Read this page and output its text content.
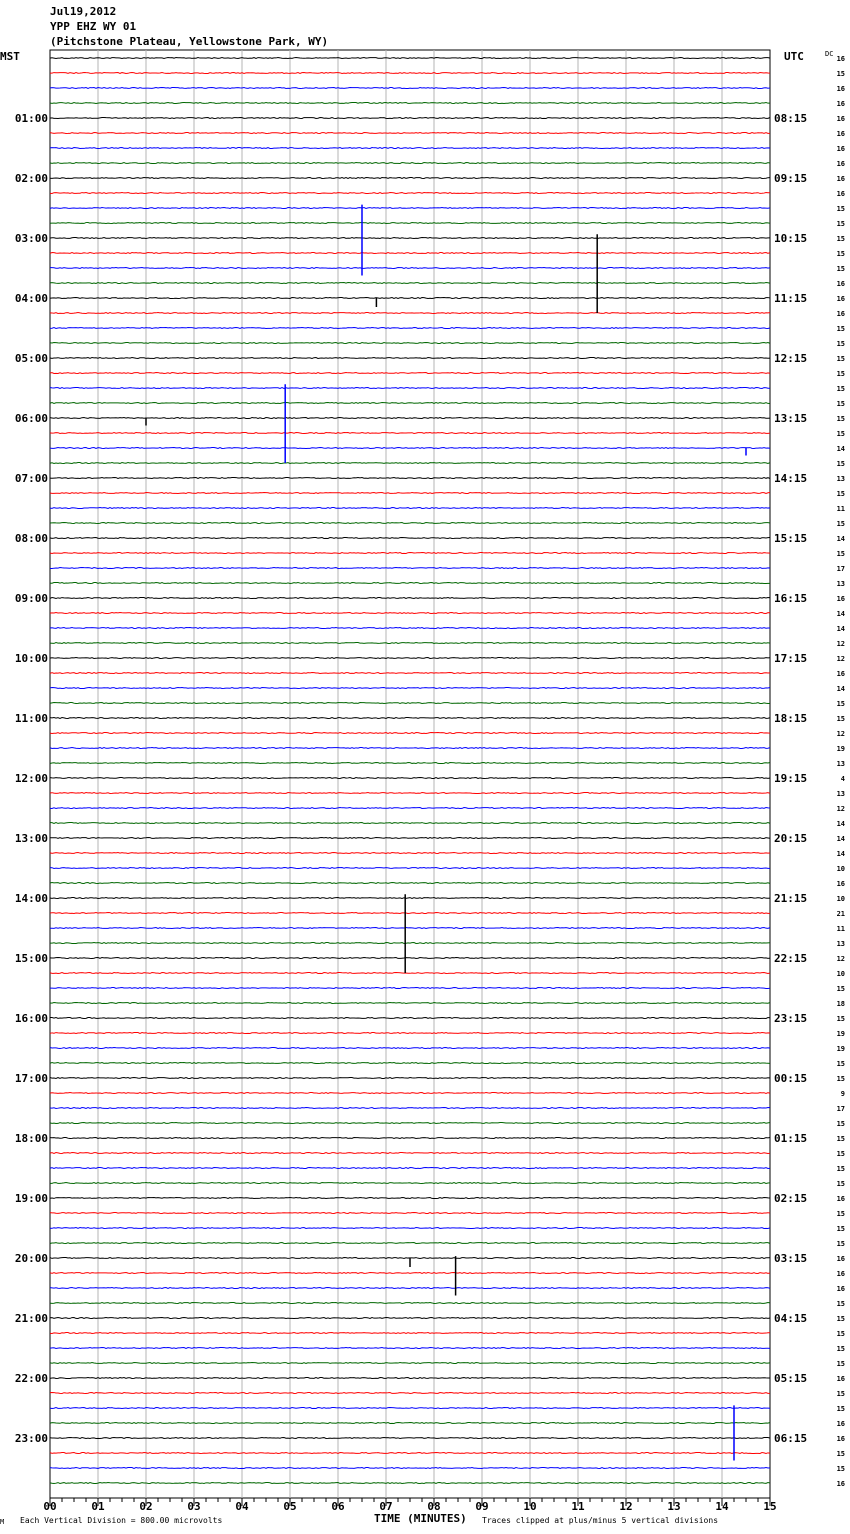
Jul19,2012
YPP EHZ WY 01
(Pitchstone Plateau, Yellowstone Park, WY)
MST	UTC	DC
01:00	08:15
02:00	09:15
03:00	10:15
04:00	11:15
05:00	12:15
06:00	13:15
07:00	14:15
08:00	15:15
09:00	16:15
10:00	17:15
11:00	18:15
12:00	19:15
13:00	20:15
14:00	21:15
15:00	22:15
16:00	23:15
17:00	00:15
18:00	01:15
19:00	02:15
20:00	03:15
21:00	04:15
22:00	05:15
23:00	06:15
16
15
16
16
16
16
16
16
16
16
15
15
15
15
15
16
16
16
15
15
15
15
15
15
15
15
14
15
13
15
11
15
14
15
17
13
16
14
14
12
12
16
14
15
15
12
19
13
4
13
12
14
14
14
10
16
10
21
11
13
12
10
15
18
15
19
19
15
15
9
17
15
15
15
15
15
16
15
15
15
16
16
16
15
15
15
15
15
16
15
15
16
16
15
15
16
00	01	02	03	04	05	06	07	08	09	10	11	12	13	14	15
M Each Vertical Division = 800.00 microvolts	TIME (MINUTES) Traces clipped at plus/minus 5 vertical divisions
